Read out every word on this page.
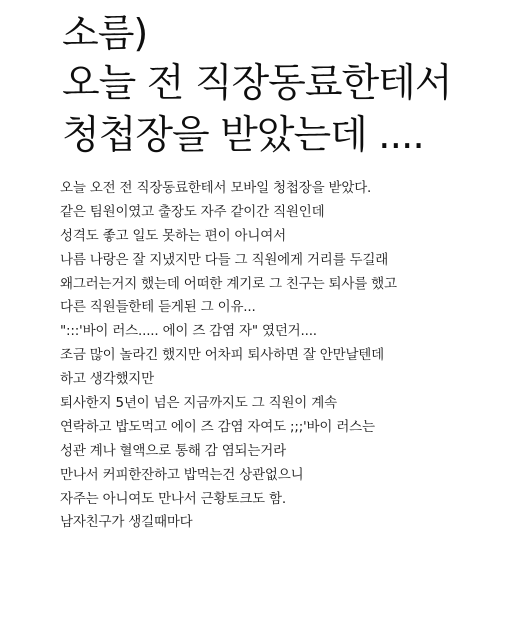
소름)
오늘 전 직장동료한테서
청첩장을 받았는데 ....
오늘 오전 전 직장동료한테서 모바일 청첩장을 받았다.
같은 팀원이였고 출장도 자주 같이간 직원인데
성격도 좋고 일도 못하는 편이 아니여서
나름 나랑은 잘 지냈지만 다들 그 직원에게 거리를 두길래
왜그러는거지 했는데 어떠한 계기로 그 친구는 퇴사를 했고
다른 직원들한테 듣게된 그 이유...
":::'바이 러스..... 에이 즈 감염 자" 였던거....
조금 많이 놀라긴 했지만 어차피 퇴사하면 잘 안만날텐데
하고 생각했지만
퇴사한지 5년이 넘은 지금까지도 그 직원이 계속
연락하고 밥도먹고 에이 즈 감염 자여도 ;;;'바이 러스는
성관 계나 혈액으로 통해 감 염되는거라
만나서 커피한잔하고 밥먹는건 상관없으니
자주는 아니여도 만나서 근황토크도 함.
남자친구가 생길때마다
